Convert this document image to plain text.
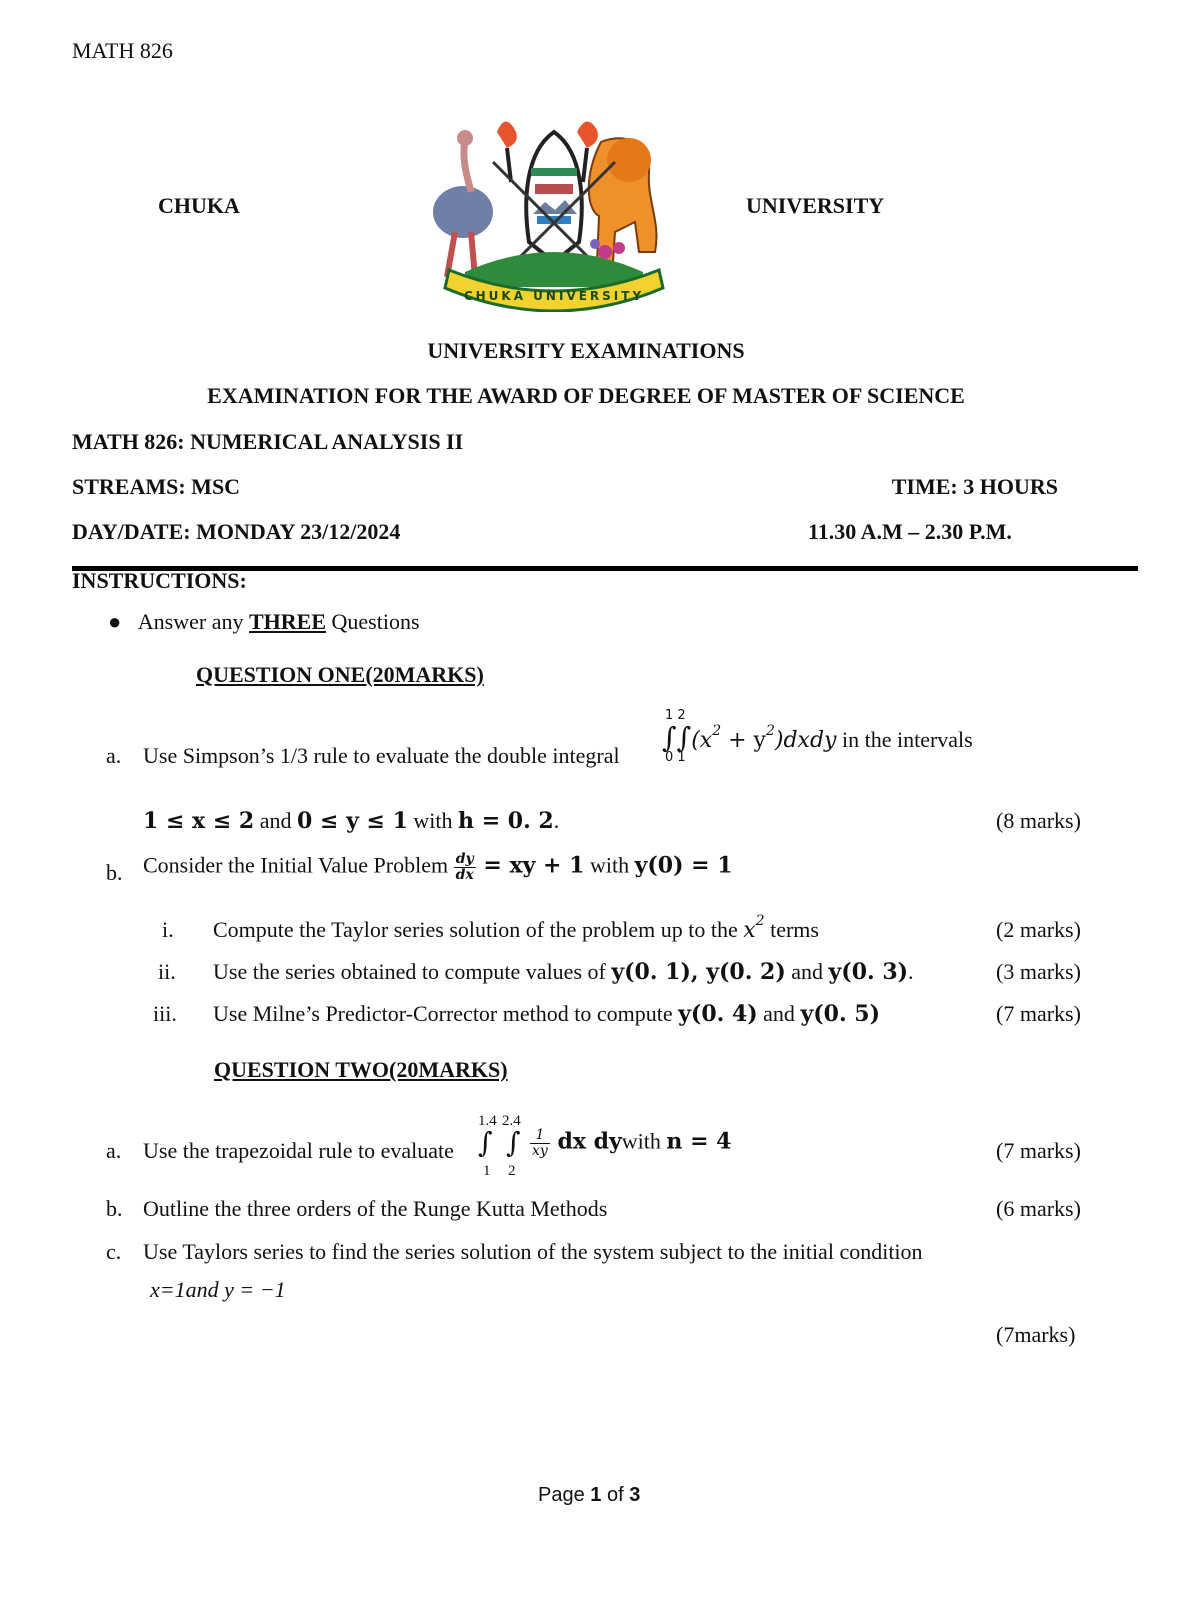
MATH 826
CHUKA	UNIVERSITY
CHUKA UNIVERSITY
UNIVERSITY EXAMINATIONS
EXAMINATION FOR THE AWARD OF DEGREE OF MASTER OF SCIENCE
MATH 826: NUMERICAL ANALYSIS II
STREAMS: MSC	TIME: 3 HOURS
DAY/DATE: MONDAY 23/12/2024	11.30 A.M – 2.30 P.M.
INSTRUCTIONS:
● Answer any THREE Questions
QUESTION ONE(20MARKS)
a. Use Simpson’s 1/3 rule to evaluate the double integral
1 2
∫∫(x2 + y2)dxdy in the intervals
0 1
1 ≤ x ≤ 2 and 0 ≤ y ≤ 1 with h = 0. 2.	(8 marks)
b. Consider the Initial Value Problem $\frac{dy}{dx}$ = xy + 1 with y(0) = 1
i. Compute the Taylor series solution of the problem up to the $x^2$ terms	(2 marks)
ii. Use the series obtained to compute values of y(0. 1), y(0. 2) and y(0. 3).	(3 marks)
iii. Use Milne’s Predictor-Corrector method to compute y(0. 4) and y(0. 5)	(7 marks)
QUESTION TWO(20MARKS)
a. Use the trapezoidal rule to evaluate
1.4 2.4
∫ ∫
1 2
$\frac{1}{xy}$ dx dywith n = 4	(7 marks)
b. Outline the three orders of the Runge Kutta Methods	(6 marks)
c. Use Taylors series to find the series solution of the system subject to the initial condition
x=1and y = −1
(7marks)
Page 1 of 3
